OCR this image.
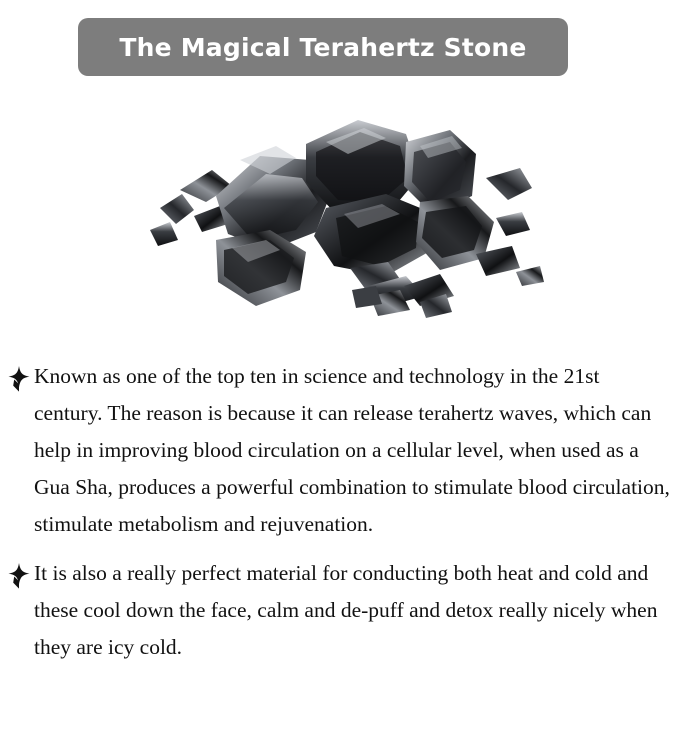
The Magical Terahertz Stone
Known as one of the top ten in science and technology in the 21st century. The reason is because it can release terahertz waves, which can help in improving blood circulation on a cellular level, when used as a Gua Sha, produces a powerful combination to stimulate blood circulation, stimulate metabolism and rejuvenation.
It is also a really perfect material for conducting both heat and cold and these cool down the face, calm and de-puff and detox really nicely when they are icy cold.
